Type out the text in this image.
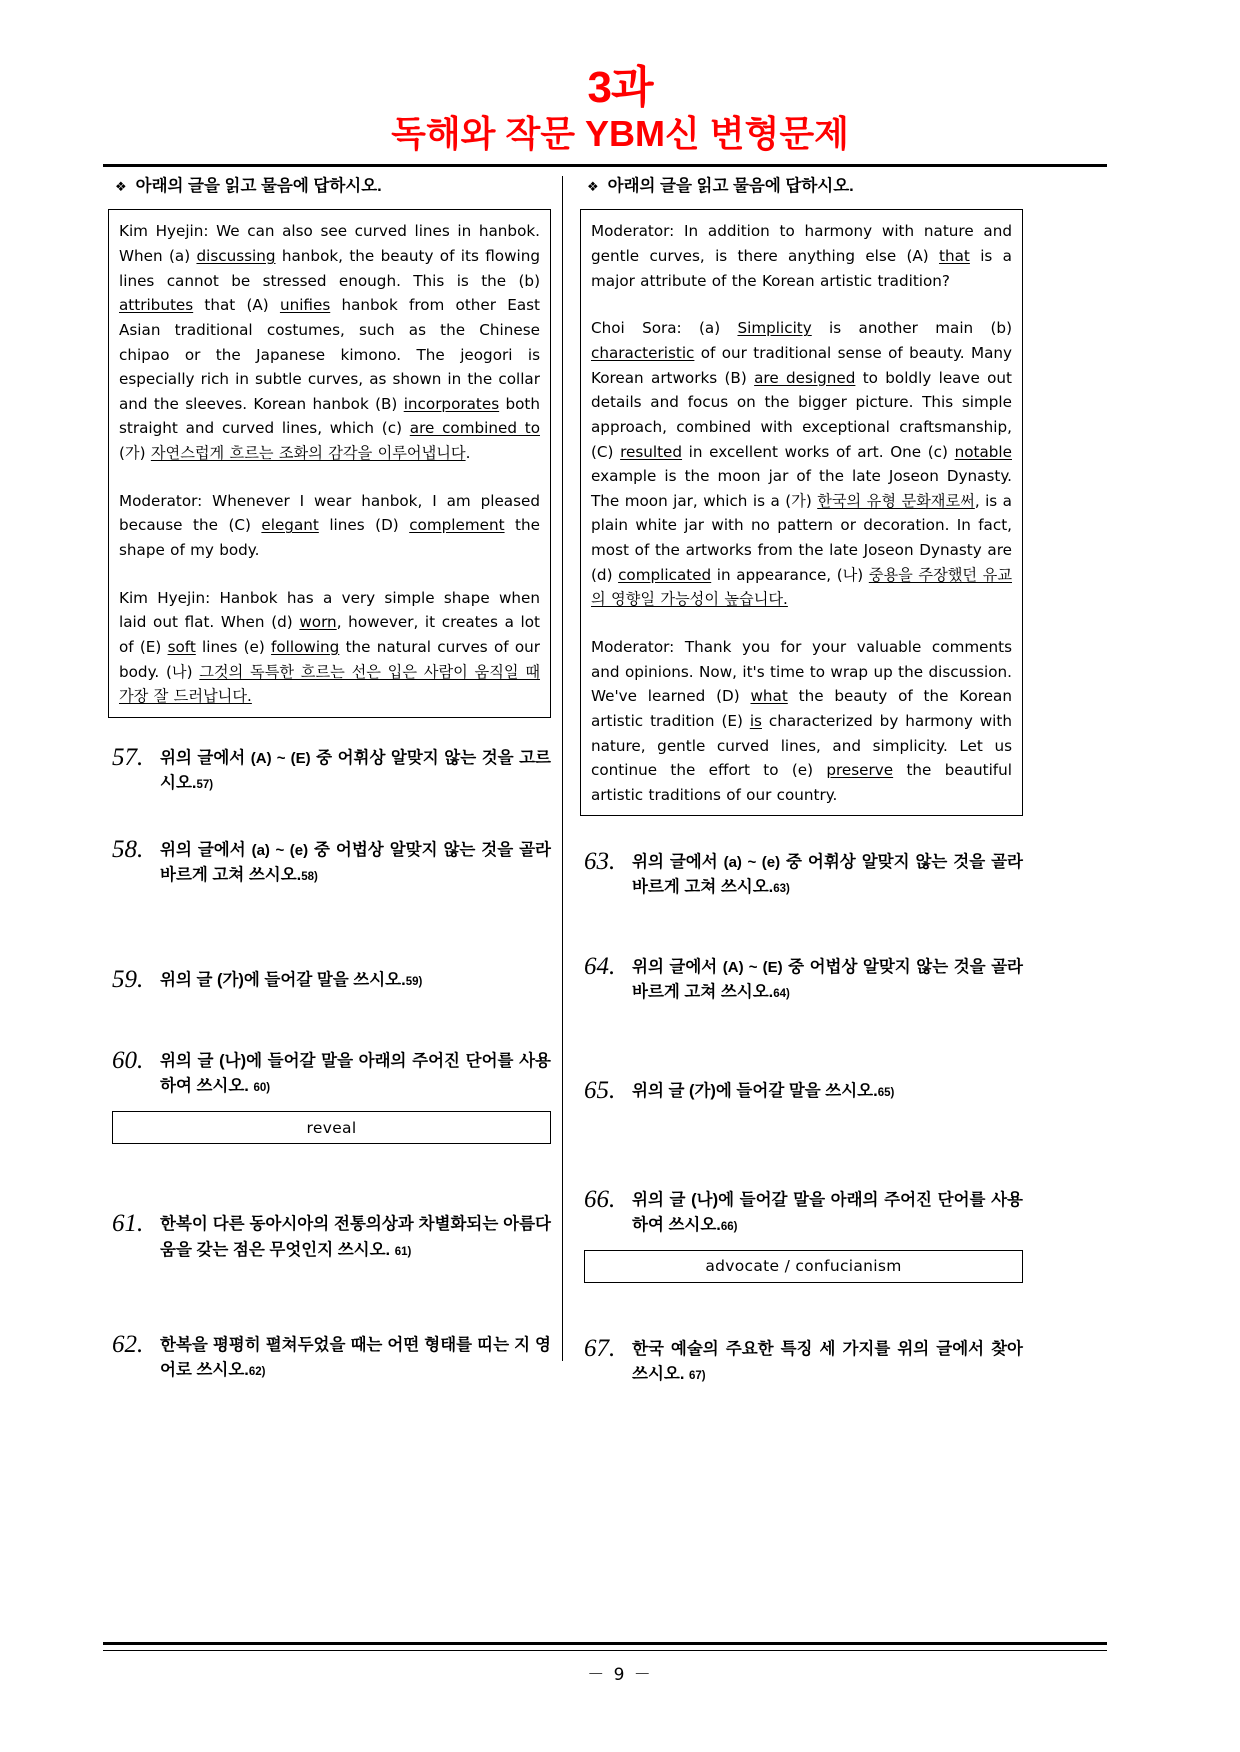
3과
독해와 작문 YBM신 변형문제
❖ 아래의 글을 읽고 물음에 답하시오.

Kim Hyejin: We can also see curved lines in hanbok. When (a) discussing hanbok, the beauty of its flowing lines cannot be stressed enough. This is the (b) attributes that (A) unifies hanbok from other East Asian traditional costumes, such as the Chinese chipao or the Japanese kimono. The jeogori is especially rich in subtle curves, as shown in the collar and the sleeves. Korean hanbok (B) incorporates both straight and curved lines, which (c) are combined to (가) 자연스럽게 흐르는 조화의 감각을 이루어냅니다.

Moderator: Whenever I wear hanbok, I am pleased because the (C) elegant lines (D) complement the shape of my body.

Kim Hyejin: Hanbok has a very simple shape when laid out flat. When (d) worn, however, it creates a lot of (E) soft lines (e) following the natural curves of our body. (나) 그것의 독특한 흐르는 선은 입은 사람이 움직일 때 가장 잘 드러납니다.

57.	위의 글에서 (A) ~ (E) 중 어휘상 알맞지 않는 것을 고르시오.57)
58.	위의 글에서 (a) ~ (e) 중 어법상 알맞지 않는 것을 골라 바르게 고쳐 쓰시오.58)
59.	위의 글 (가)에 들어갈 말을 쓰시오.59)
60.	위의 글 (나)에 들어갈 말을 아래의 주어진 단어를 사용하여 쓰시오. 60)
reveal
61.	한복이 다른 동아시아의 전통의상과 차별화되는 아름다움을 갖는 점은 무엇인지 쓰시오. 61)
62.	한복을 평평히 펼쳐두었을 때는 어떤 형태를 띠는 지 영어로 쓰시오.62)
❖ 아래의 글을 읽고 물음에 답하시오.

Moderator: In addition to harmony with nature and gentle curves, is there anything else (A) that is a major attribute of the Korean artistic tradition?

Choi Sora: (a) Simplicity is another main (b) characteristic of our traditional sense of beauty. Many Korean artworks (B) are designed to boldly leave out details and focus on the bigger picture. This simple approach, combined with exceptional craftsmanship, (C) resulted in excellent works of art. One (c) notable example is the moon jar of the late Joseon Dynasty. The moon jar, which is a (가) 한국의 유형 문화재로써, is a plain white jar with no pattern or decoration. In fact, most of the artworks from the late Joseon Dynasty are (d) complicated in appearance, (나) 중용을 주장했던 유교의 영향일 가능성이 높습니다.

Moderator: Thank you for your valuable comments and opinions. Now, it's time to wrap up the discussion. We've learned (D) what the beauty of the Korean artistic tradition (E) is characterized by harmony with nature, gentle curved lines, and simplicity. Let us continue the effort to (e) preserve the beautiful artistic traditions of our country.

63.	위의 글에서 (a) ~ (e) 중 어휘상 알맞지 않는 것을 골라 바르게 고쳐 쓰시오.63)
64.	위의 글에서 (A) ~ (E) 중 어법상 알맞지 않는 것을 골라 바르게 고쳐 쓰시오.64)
65.	위의 글 (가)에 들어갈 말을 쓰시오.65)
66.	위의 글 (나)에 들어갈 말을 아래의 주어진 단어를 사용하여 쓰시오.66)
advocate / confucianism
67.	한국 예술의 주요한 특징 세 가지를 위의 글에서 찾아 쓰시오. 67)
－ 9 －
